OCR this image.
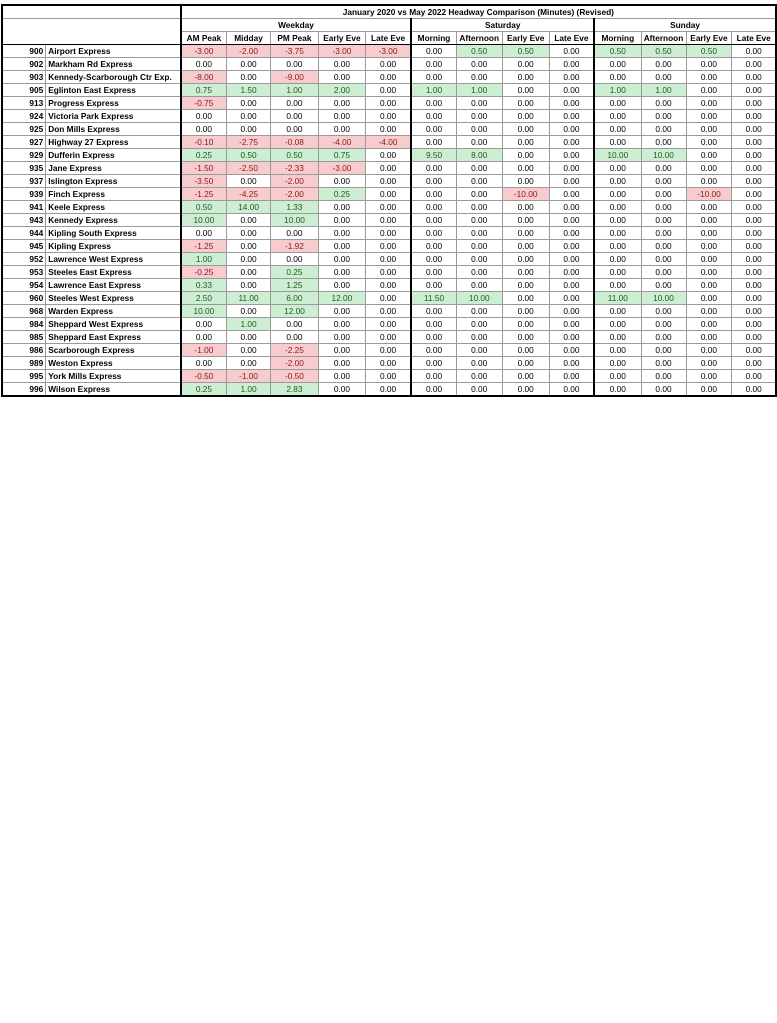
		January 2020 vs May 2022 Headway Comparison (Minutes) (Revised)												
		Weekday					Saturday				Sunday			
		AM Peak	Midday	PM Peak	Early Eve	Late Eve	Morning	Afternoon	Early Eve	Late Eve	Morning	Afternoon	Early Eve	Late Eve
900	Airport Express	-3.00	-2.00	-3.75	-3.00	-3.00	0.00	0.50	0.50	0.00	0.50	0.50	0.50	0.00
902	Markham Rd Express	0.00	0.00	0.00	0.00	0.00	0.00	0.00	0.00	0.00	0.00	0.00	0.00	0.00
903	Kennedy-Scarborough Ctr Exp.	-8.00	0.00	-9.00	0.00	0.00	0.00	0.00	0.00	0.00	0.00	0.00	0.00	0.00
905	Eglinton East Express	0.75	1.50	1.00	2.00	0.00	1.00	1.00	0.00	0.00	1.00	1.00	0.00	0.00
913	Progress Express	-0.75	0.00	0.00	0.00	0.00	0.00	0.00	0.00	0.00	0.00	0.00	0.00	0.00
924	Victoria Park Express	0.00	0.00	0.00	0.00	0.00	0.00	0.00	0.00	0.00	0.00	0.00	0.00	0.00
925	Don Mills Express	0.00	0.00	0.00	0.00	0.00	0.00	0.00	0.00	0.00	0.00	0.00	0.00	0.00
927	Highway 27 Express	-0.10	-2.75	-0.08	-4.00	-4.00	0.00	0.00	0.00	0.00	0.00	0.00	0.00	0.00
929	Dufferin Express	0.25	0.50	0.50	0.75	0.00	9.50	8.00	0.00	0.00	10.00	10.00	0.00	0.00
935	Jane Express	-1.50	-2.50	-2.33	-3.00	0.00	0.00	0.00	0.00	0.00	0.00	0.00	0.00	0.00
937	Islington Express	-3.50	0.00	-2.00	0.00	0.00	0.00	0.00	0.00	0.00	0.00	0.00	0.00	0.00
939	Finch Express	-1.25	-4.25	-2.00	0.25	0.00	0.00	0.00	-10.00	0.00	0.00	0.00	-10.00	0.00
941	Keele Express	0.50	14.00	1.33	0.00	0.00	0.00	0.00	0.00	0.00	0.00	0.00	0.00	0.00
943	Kennedy Express	10.00	0.00	10.00	0.00	0.00	0.00	0.00	0.00	0.00	0.00	0.00	0.00	0.00
944	Kipling South Express	0.00	0.00	0.00	0.00	0.00	0.00	0.00	0.00	0.00	0.00	0.00	0.00	0.00
945	Kipling Express	-1.25	0.00	-1.92	0.00	0.00	0.00	0.00	0.00	0.00	0.00	0.00	0.00	0.00
952	Lawrence West Express	1.00	0.00	0.00	0.00	0.00	0.00	0.00	0.00	0.00	0.00	0.00	0.00	0.00
953	Steeles East Express	-0.25	0.00	0.25	0.00	0.00	0.00	0.00	0.00	0.00	0.00	0.00	0.00	0.00
954	Lawrence East Express	0.33	0.00	1.25	0.00	0.00	0.00	0.00	0.00	0.00	0.00	0.00	0.00	0.00
960	Steeles West Express	2.50	11.00	6.00	12.00	0.00	11.50	10.00	0.00	0.00	11.00	10.00	0.00	0.00
968	Warden Express	10.00	0.00	12.00	0.00	0.00	0.00	0.00	0.00	0.00	0.00	0.00	0.00	0.00
984	Sheppard West Express	0.00	1.00	0.00	0.00	0.00	0.00	0.00	0.00	0.00	0.00	0.00	0.00	0.00
985	Sheppard East Express	0.00	0.00	0.00	0.00	0.00	0.00	0.00	0.00	0.00	0.00	0.00	0.00	0.00
986	Scarborough Express	-1.00	0.00	-2.25	0.00	0.00	0.00	0.00	0.00	0.00	0.00	0.00	0.00	0.00
989	Weston Express	0.00	0.00	-2.00	0.00	0.00	0.00	0.00	0.00	0.00	0.00	0.00	0.00	0.00
995	York Mills Express	-0.50	-1.00	-0.50	0.00	0.00	0.00	0.00	0.00	0.00	0.00	0.00	0.00	0.00
996	Wilson Express	0.25	1.00	2.83	0.00	0.00	0.00	0.00	0.00	0.00	0.00	0.00	0.00	0.00
